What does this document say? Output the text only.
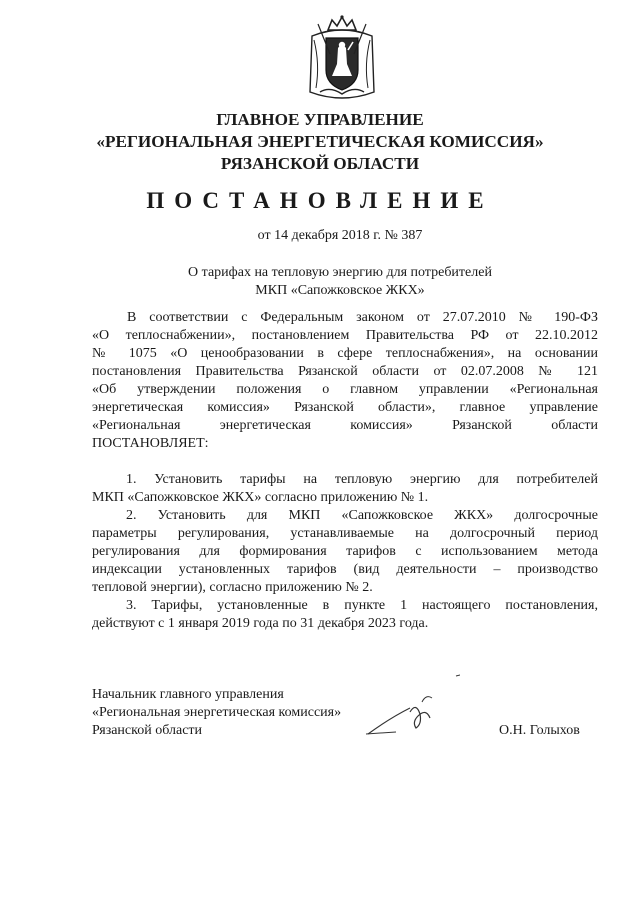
ГЛАВНОЕ УПРАВЛЕНИЕ
«РЕГИОНАЛЬНАЯ ЭНЕРГЕТИЧЕСКАЯ КОМИССИЯ»
РЯЗАНСКОЙ ОБЛАСТИ
ПОСТАНОВЛЕНИЕ
от 14 декабря 2018 г. № 387
О тарифах на тепловую энергию для потребителей
МКП «Сапожковское ЖКХ»
В соответствии с Федеральным законом от 27.07.2010 № 190-ФЗ
«О теплоснабжении», постановлением Правительства РФ от 22.10.2012
№ 1075 «О ценообразовании в сфере теплоснабжения», на основании
постановления Правительства Рязанской области от 02.07.2008 № 121
«Об утверждении положения о главном управлении «Региональная
энергетическая комиссия» Рязанской области», главное управление
«Региональная энергетическая комиссия» Рязанской области
ПОСТАНОВЛЯЕТ:
1. Установить тарифы на тепловую энергию для потребителей
МКП «Сапожковское ЖКХ» согласно приложению № 1.
2. Установить для МКП «Сапожковское ЖКХ» долгосрочные
параметры регулирования, устанавливаемые на долгосрочный период
регулирования для формирования тарифов с использованием метода
индексации установленных тарифов (вид деятельности – производство
тепловой энергии), согласно приложению № 2.
3. Тарифы, установленные в пункте 1 настоящего постановления,
действуют с 1 января 2019 года по 31 декабря 2023 года.
Начальник главного управления
«Региональная энергетическая комиссия»
Рязанской области	О.Н. Голыхов
